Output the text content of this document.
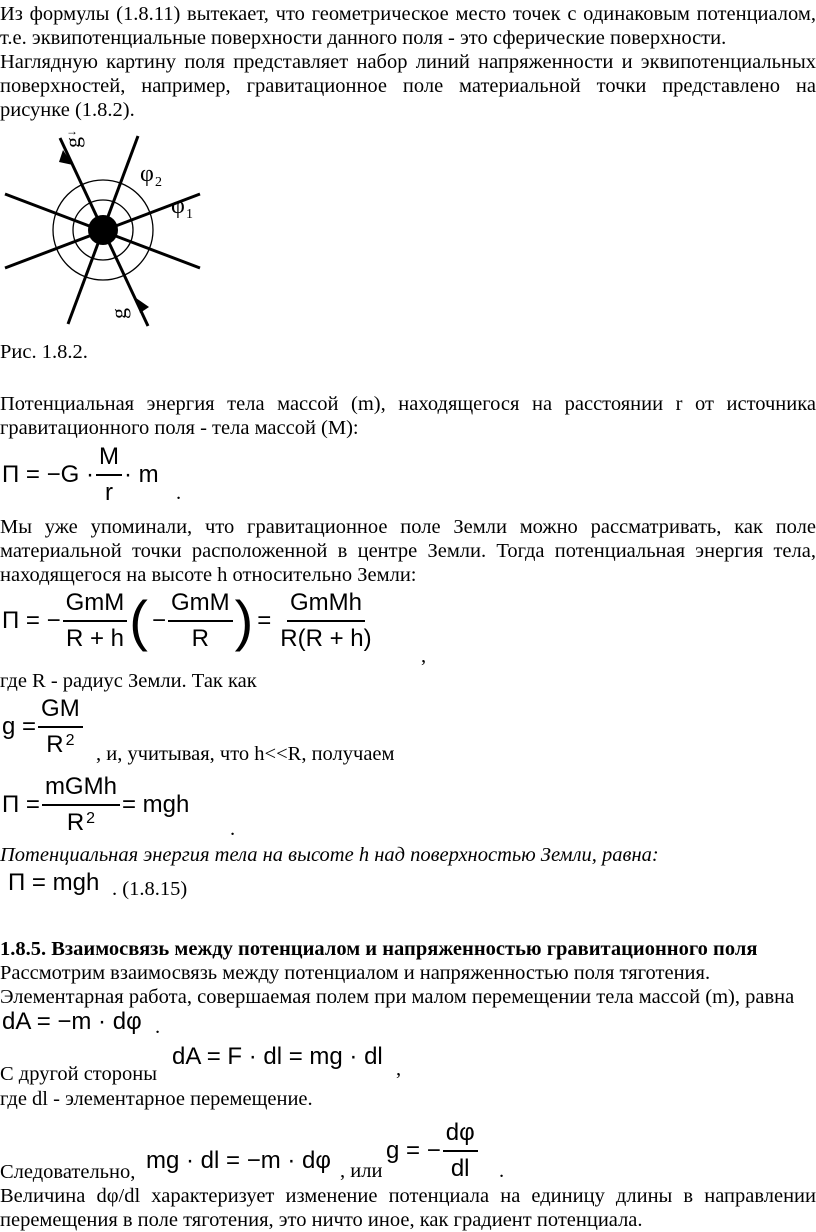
Из формулы (1.8.11) вытекает, что геометрическое место точек с одинаковым потенциалом,

т.е. эквипотенциальные поверхности данного поля - это сферические поверхности.

Наглядную картину поля представляет набор линий напряженности и эквипотенциальных

поверхностей, например, гравитационное поле материальной точки представлено на

рисунке (1.8.2).

g
→
g
φ 2
φ 1

Рис. 1.8.2.

Потенциальная энергия тела массой (m), находящегося на расстоянии r от источника

гравитационного поля - тела массой (M):

$П = -G \cdot \frac{M}{r} \cdot m$
.

Мы уже упоминали, что гравитационное поле Земли можно рассматривать, как поле

материальной точки расположенной в центре Земли. Тогда потенциальная энергия тела,

находящегося на высоте h относительно Земли:

П = − $\frac{\text{GmM}}{R + h}$ ( − $\frac{\text{GmM}}{R}$ ) = $\frac{\text{GmMh}}{R(R + h)}$
,

где R - радиус Земли. Так как

$g = \frac{GM}{R ^2}$ , и, учитывая, что h<<R, получаем

$П = \frac{\text{mGMh}}{R ^2}$ = mgh
.

Потенциальная энергия тела на высоте h над поверхностью Земли, равна:

П = mgh . (1.8.15)

1.8.5. Взаимосвязь между потенциалом и напряженностью гравитационного поля

Рассмотрим взаимосвязь между потенциалом и напряженностью поля тяготения.

Элементарная работа, совершаемая полем при малом перемещении тела массой (m), равна

dA = −m · dφ .

С другой стороны

dA = F · dl = mg · dl ,

где dl - элементарное перемещение.

Следовательно, mg · dl = −m · dφ , или
g = − $\frac{d\varphi}{dl}$ .

Величина dφ/dl характеризует изменение потенциала на единицу длины в направлении

перемещения в поле тяготения, это ничто иное, как градиент потенциала.
